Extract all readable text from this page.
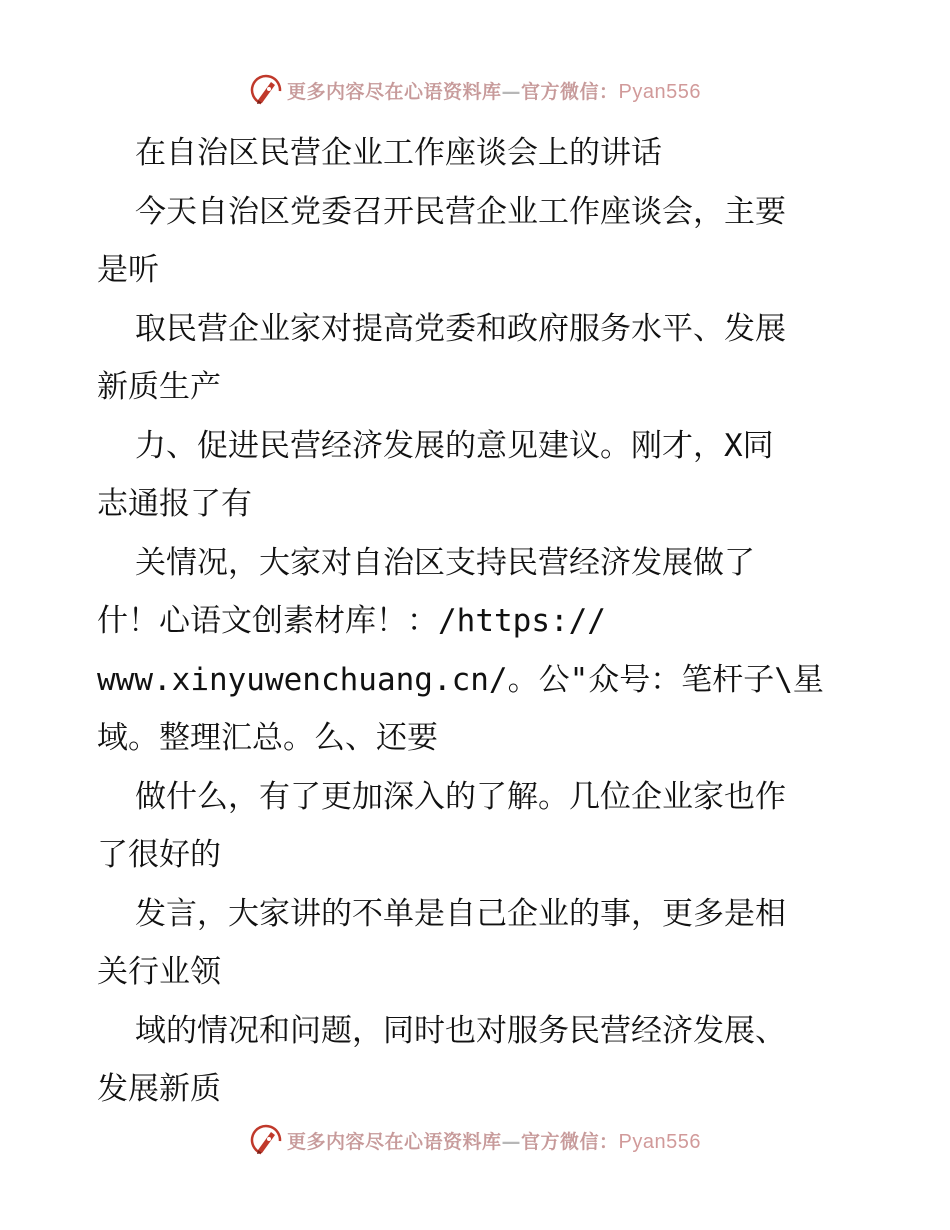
更多内容尽在心语资料库—官方微信：Pyan556
在自治区民营企业工作座谈会上的讲话
今天自治区党委召开民营企业工作座谈会，主要
是听
取民营企业家对提高党委和政府服务水平、发展
新质生产
力、促进民营经济发展的意见建议。刚才，X同
志通报了有
关情况，大家对自治区支持民营经济发展做了
什！心语文创素材库！：/https://
www.xinyuwenchuang.cn/。公"众号：笔杆子\星
域。整理汇总。么、还要
做什么，有了更加深入的了解。几位企业家也作
了很好的
发言，大家讲的不单是自己企业的事，更多是相
关行业领
域的情况和问题，同时也对服务民营经济发展、
发展新质
更多内容尽在心语资料库—官方微信：Pyan556
